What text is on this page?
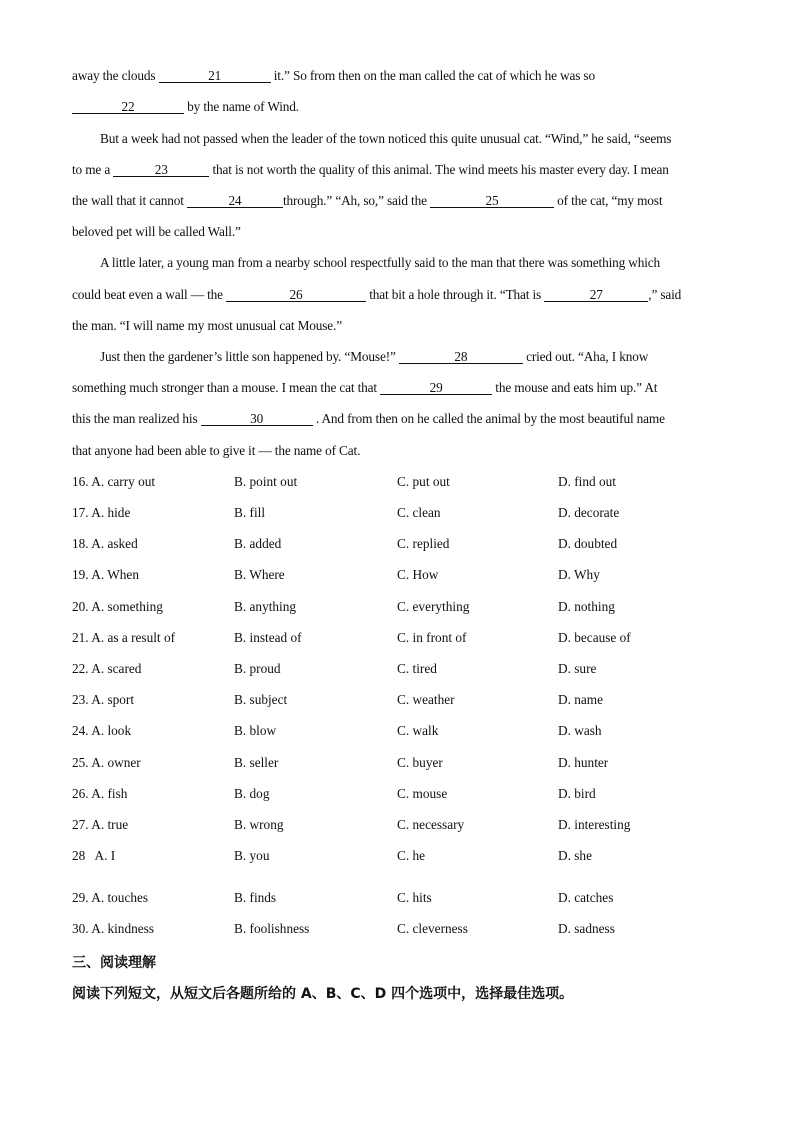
away the clouds	21	it.” So from then on the man called the cat of which he was so
22	by the name of Wind.
But a week had not passed when the leader of the town noticed this quite unusual cat. “Wind,” he said, “seems
to me a	23	that is not worth the quality of this animal. The wind meets his master every day. I mean
the wall that it cannot	24	through.” “Ah, so,” said the	25	of the cat, “my most
beloved pet will be called Wall.”
A little later, a young man from a nearby school respectfully said to the man that there was something which
could beat even a wall — the	26	that bit a hole through it. “That is	27	,” said
the man. “I will name my most unusual cat Mouse.”
Just then the gardener’s little son happened by. “Mouse!”	28	cried out. “Aha, I know
something much stronger than a mouse. I mean the cat that	29	the mouse and eats him up.” At
this the man realized his	30	. And from then on he called the animal by the most beautiful name
that anyone had been able to give it — the name of Cat.
16. A. carry out	B. point out	C. put out	D. find out
17. A. hide	B. fill	C. clean	D. decorate
18. A. asked	B. added	C. replied	D. doubted
19. A. When	B. Where	C. How	D. Why
20. A. something	B. anything	C. everything	D. nothing
21. A. as a result of	B. instead of	C. in front of	D. because of
22. A. scared	B. proud	C. tired	D. sure
23. A. sport	B. subject	C. weather	D. name
24. A. look	B. blow	C. walk	D. wash
25. A. owner	B. seller	C. buyer	D. hunter
26. A. fish	B. dog	C. mouse	D. bird
27. A. true	B. wrong	C. necessary	D. interesting
28   A. I	B. you	C. he	D. she
29. A. touches	B. finds	C. hits	D. catches
30. A. kindness	B. foolishness	C. cleverness	D. sadness
三、阅读理解
阅读下列短文，从短文后各题所给的 A、B、C、D 四个选项中，选择最佳选项。
